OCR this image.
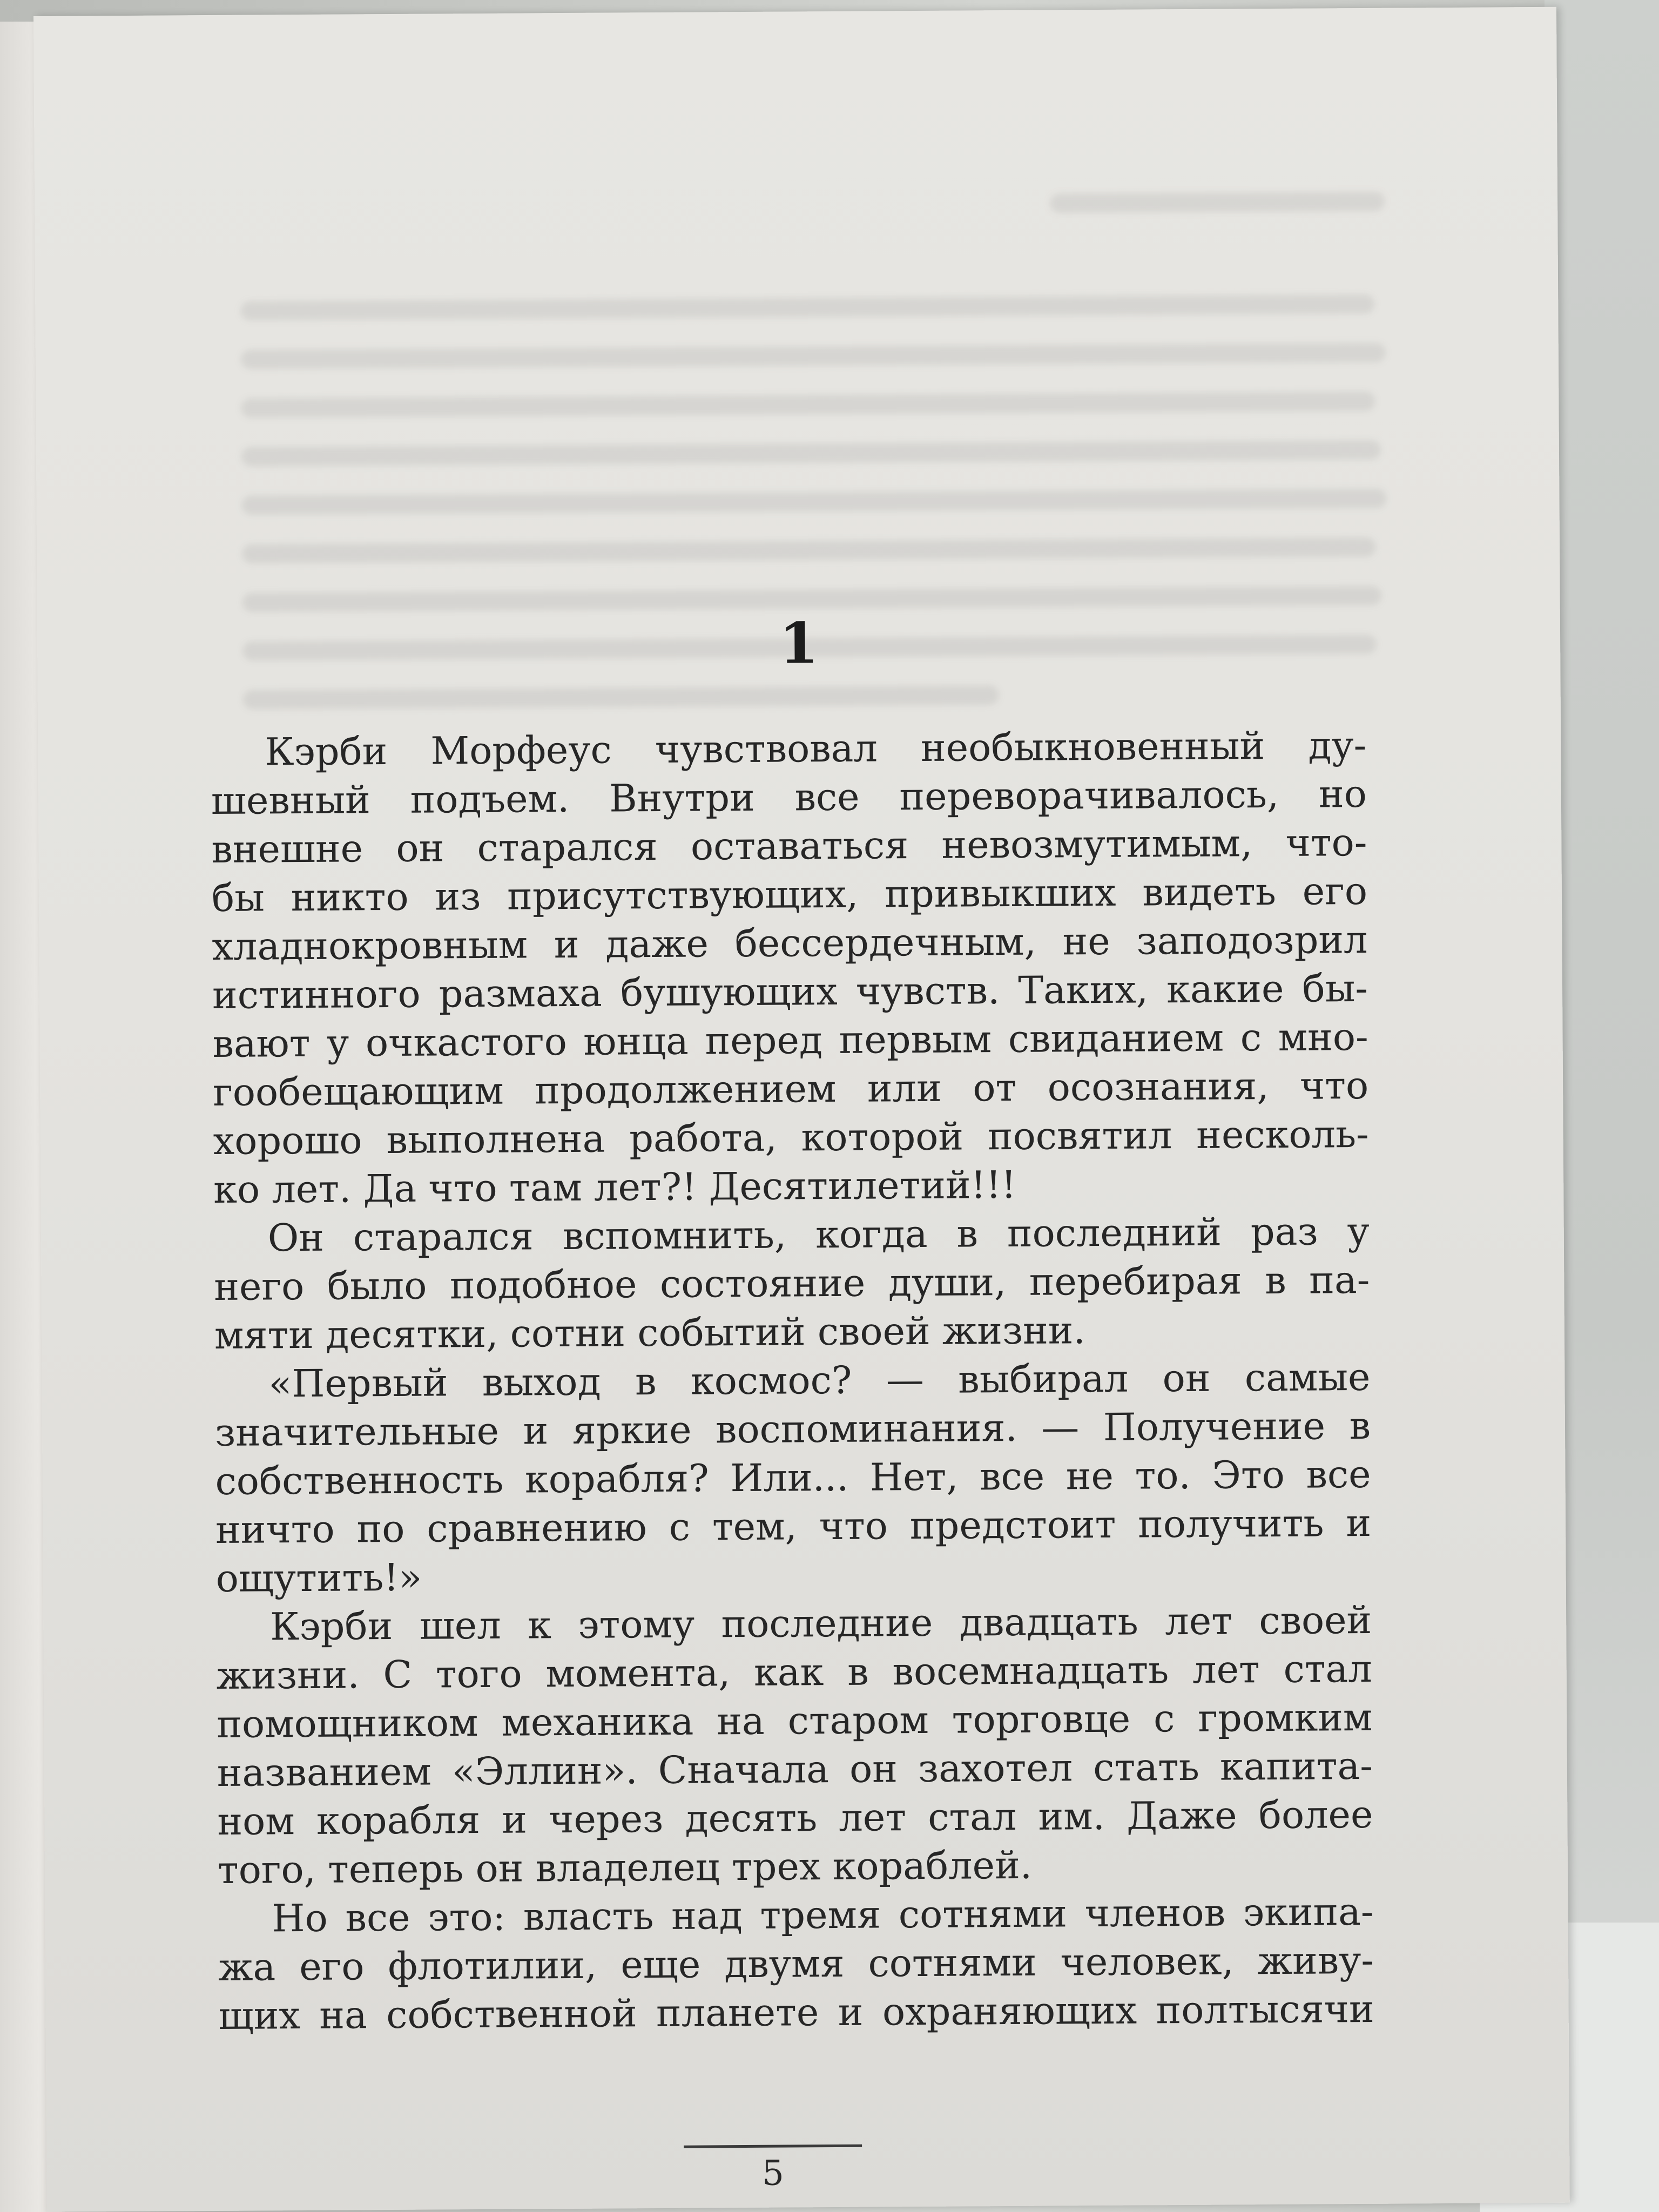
1
Кэрби Морфеус чувствовал необыкновенный ду-
шевный подъем. Внутри все переворачивалось, но
внешне он старался оставаться невозмутимым, что-
бы никто из присутствующих, привыкших видеть его
хладнокровным и даже бессердечным, не заподозрил
истинного размаха бушующих чувств. Таких, какие бы-
вают у очкастого юнца перед первым свиданием с мно-
гообещающим продолжением или от осознания, что
хорошо выполнена работа, которой посвятил несколь-
ко лет. Да что там лет?! Десятилетий!!!
Он старался вспомнить, когда в последний раз у
него было подобное состояние души, перебирая в па-
мяти десятки, сотни событий своей жизни.
«Первый выход в космос? — выбирал он самые
значительные и яркие воспоминания. — Получение в
собственность корабля? Или... Нет, все не то. Это все
ничто по сравнению с тем, что предстоит получить и
ощутить!»
Кэрби шел к этому последние двадцать лет своей
жизни. С того момента, как в восемнадцать лет стал
помощником механика на старом торговце с громким
названием «Эллин». Сначала он захотел стать капита-
ном корабля и через десять лет стал им. Даже более
того, теперь он владелец трех кораблей.
Но все это: власть над тремя сотнями членов экипа-
жа его флотилии, еще двумя сотнями человек, живу-
щих на собственной планете и охраняющих полтысячи
5
